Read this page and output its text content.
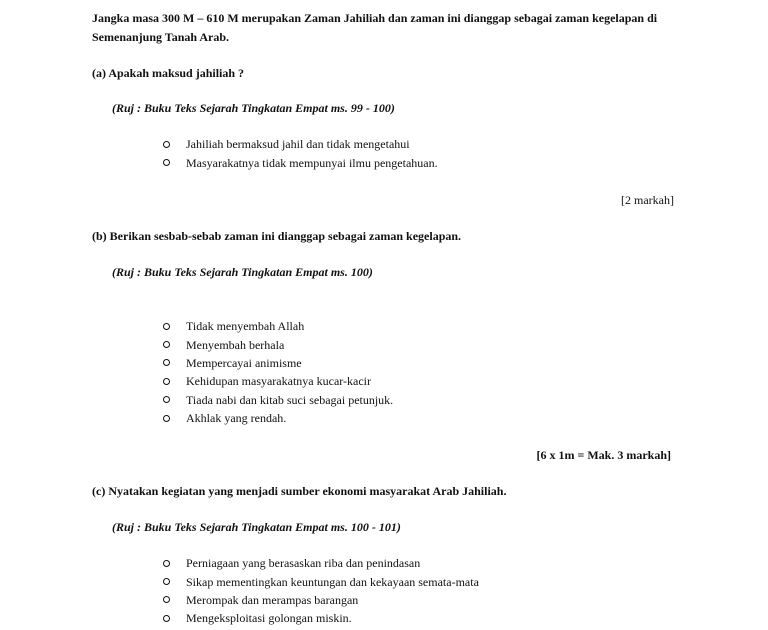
Jangka masa 300 M – 610 M merupakan Zaman Jahiliah dan zaman ini dianggap sebagai zaman kegelapan di Semenanjung Tanah Arab.
(a) Apakah maksud jahiliah ?
(Ruj : Buku Teks Sejarah Tingkatan Empat ms. 99 - 100)
Jahiliah bermaksud jahil dan tidak mengetahui
Masyarakatnya tidak mempunyai ilmu pengetahuan.
[2 markah]
(b) Berikan sesbab-sebab zaman ini dianggap sebagai zaman kegelapan.
(Ruj : Buku Teks Sejarah Tingkatan Empat ms. 100)
Tidak menyembah Allah
Menyembah berhala
Mempercayai animisme
Kehidupan masyarakatnya kucar-kacir
Tiada nabi dan kitab suci sebagai petunjuk.
Akhlak yang rendah.
[6 x 1m = Mak. 3 markah]
(c) Nyatakan kegiatan yang menjadi sumber ekonomi masyarakat Arab Jahiliah.
(Ruj : Buku Teks Sejarah Tingkatan Empat ms. 100 - 101)
Perniagaan yang berasaskan riba dan penindasan
Sikap mementingkan keuntungan dan kekayaan semata-mata
Merompak dan merampas barangan
Mengeksploitasi golongan miskin.
